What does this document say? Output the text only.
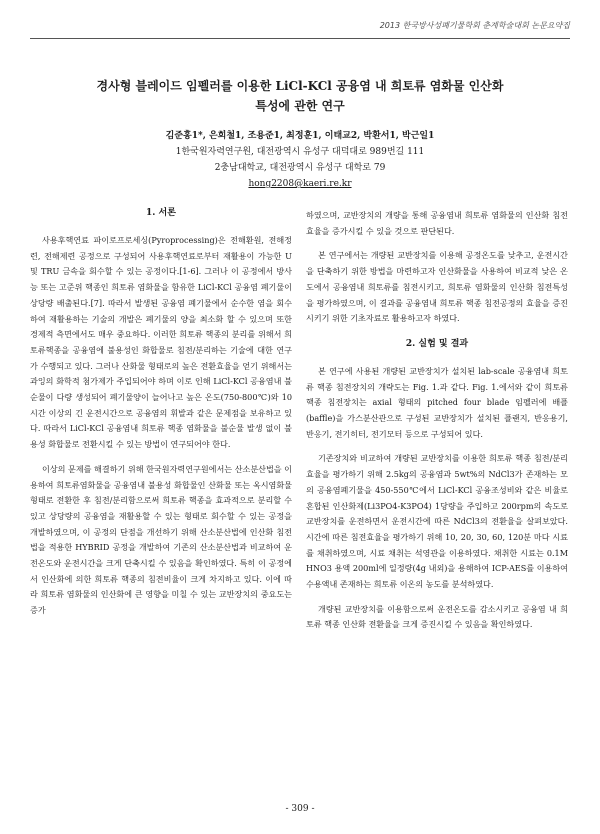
2013 한국방사성폐기물학회 춘계학술대회 논문요약집
경사형 블레이드 임펠러를 이용한 LiCl-KCl 공융염 내 희토류 염화물 인산화
특성에 관한 연구
김준홍1*, 은희철1, 조용준1, 최정훈1, 이태교2, 박환서1, 박근일1
1한국원자력연구원, 대전광역시 유성구 대덕대로 989번길 111
2충남대학교, 대전광역시 유성구 대학로 79
hong2208@kaeri.re.kr
1. 서론

사용후핵연료 파이로프로세싱(Pyroprocessing)은 전해환원, 전해정련, 전해제련 공정으로 구성되어 사용후핵연료로부터 재활용이 가능한 U 및 TRU 금속을 회수할 수 있는 공정이다.[1-6]. 그러나 이 공정에서 방사능 또는 고준위 핵종인 희토류 염화물을 함유한 LiCl-KCl 공융염 폐기물이 상당량 배출된다.[7]. 따라서 발생된 공융염 폐기물에서 순수한 염을 회수하여 재활용하는 기술의 개발은 폐기물의 양을 최소화 할 수 있으며 또한 경제적 측면에서도 매우 중요하다. 이러한 희토류 핵종의 분리를 위해서 희토류핵종을 공융염에 불용성인 화합물로 침전/분리하는 기술에 대한 연구가 수행되고 있다. 그러나 산화물 형태로의 높은 전환효율을 얻기 위해서는 과잉의 화학적 첨가제가 주입되어야 하며 이로 인해 LiCl-KCl 공융염내 불순물이 다량 생성되어 폐기물양이 늘어나고 높은 온도(750-800℃)와 10시간 이상의 긴 운전시간으로 공융염의 휘발과 같은 문제점을 보유하고 있다. 따라서 LiCl-KCl 공융염내 희토류 핵종 염화물을 불순물 발생 없이 불용성 화합물로 전환시킬 수 있는 방법이 연구되어야 한다.

이상의 문제를 해결하기 위해 한국원자력연구원에서는 산소분산법을 이용하여 희토류염화물을 공융염내 불용성 화합물인 산화물 또는 옥시염화물 형태로 전환한 후 침전/분리함으로써 희토류 핵종을 효과적으로 분리할 수 있고 상당량의 공융염을 재활용할 수 있는 형태로 회수할 수 있는 공정을 개발하였으며, 이 공정의 단점을 개선하기 위해 산소분산법에 인산화 침전법을 적용한 HYBRID 공정을 개발하여 기존의 산소분산법과 비교하여 운전온도와 운전시간을 크게 단축시킬 수 있음을 확인하였다. 특히 이 공정에서 인산화에 의한 희토류 핵종의 침전비율이 크게 차지하고 있다. 이에 따라 희토류 염화물의 인산화에 큰 영향을 미칠 수 있는 교반장치의 중요도는 증가

하였으며, 교반장치의 개량을 통해 공융염내 희토류 염화물의 인산화 침전효율을 증가시킬 수 있을 것으로 판단된다.

본 연구에서는 개량된 교반장치를 이용해 공정온도를 낮추고, 운전시간을 단축하기 위한 방법을 마련하고자 인산화물을 사용하여 비교적 낮은 온도에서 공융염내 희토류를 침전시키고, 희토류 염화물의 인산화 침전특성을 평가하였으며, 이 결과를 공융염내 희토류 핵종 침전공정의 효율을 증진시키기 위한 기초자료로 활용하고자 하였다.

2. 실험 및 결과

본 연구에 사용된 개량된 교반장치가 설치된 lab-scale 공융염내 희토류 핵종 침전장치의 개략도는 Fig. 1.과 같다. Fig. 1.에서와 같이 희토류 핵종 침전장치는 axial 형태의 pitched four blade 임펠러에 배플(baffle)을 가스분산관으로 구성된 교반장치가 설치된 플랜지, 반응용기, 반응기, 전기히터, 전기모터 등으로 구성되어 있다.

기존장치와 비교하여 개량된 교반장치를 이용한 희토류 핵종 침전/분리효율을 평가하기 위해 2.5kg의 공융염과 5wt%의 NdCl3가 존재하는 모의 공융염폐기물을 450-550℃에서 LiCl-KCl 공융조성비와 같은 비율로 혼합된 인산화제(Li3PO4-K3PO4) 1당량을 주입하고 200rpm의 속도로 교반장치를 운전하면서 운전시간에 따른 NdCl3의 전환율을 살펴보았다. 시간에 따른 침전효율을 평가하기 위해 10, 20, 30, 60, 120분 마다 시료를 채취하였으며, 시료 채취는 석영관을 이용하였다. 채취한 시료는 0.1M HNO3 용액 200ml에 일정량(4g 내외)을 용해하여 ICP-AES를 이용하여 수용액내 존재하는 희토류 이온의 농도를 분석하였다.

개량된 교반장치를 이용함으로써 운전온도를 감소시키고 공융염 내 희토류 핵종 인산화 전환율을 크게 증진시킬 수 있음을 확인하였다.

- 309 -
